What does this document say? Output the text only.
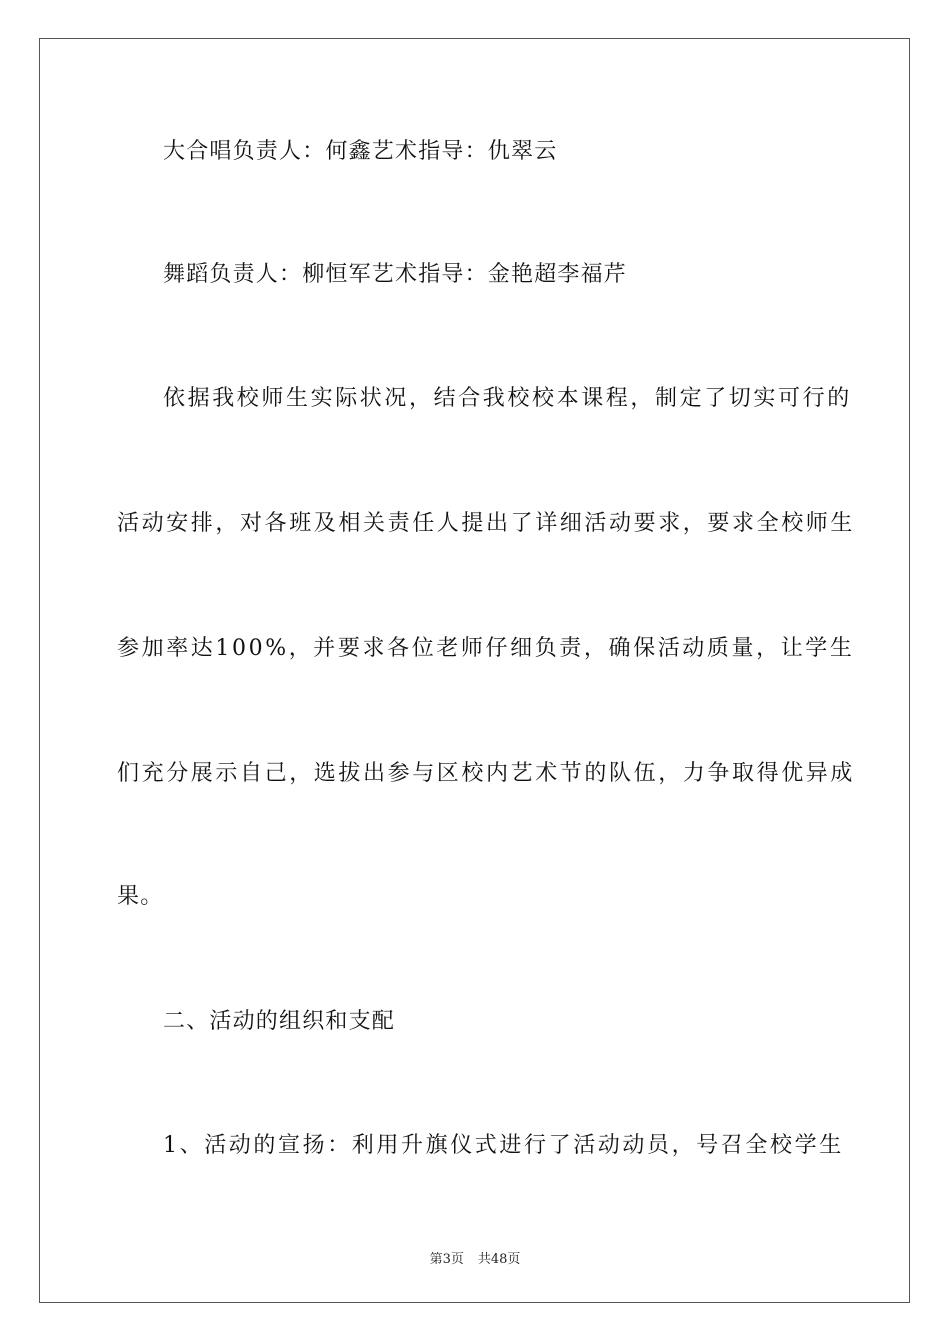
大合唱负责人：何鑫艺术指导：仇翠云
舞蹈负责人：柳恒军艺术指导：金艳超李福芹
依据我校师生实际状况，结合我校校本课程，制定了切实可行的
活动安排，对各班及相关责任人提出了详细活动要求，要求全校师生
参加率达100%，并要求各位老师仔细负责，确保活动质量，让学生
们充分展示自己，选拔出参与区校内艺术节的队伍，力争取得优异成
果。
二、活动的组织和支配
1、活动的宣扬：利用升旗仪式进行了活动动员，号召全校学生
第3页 共48页
